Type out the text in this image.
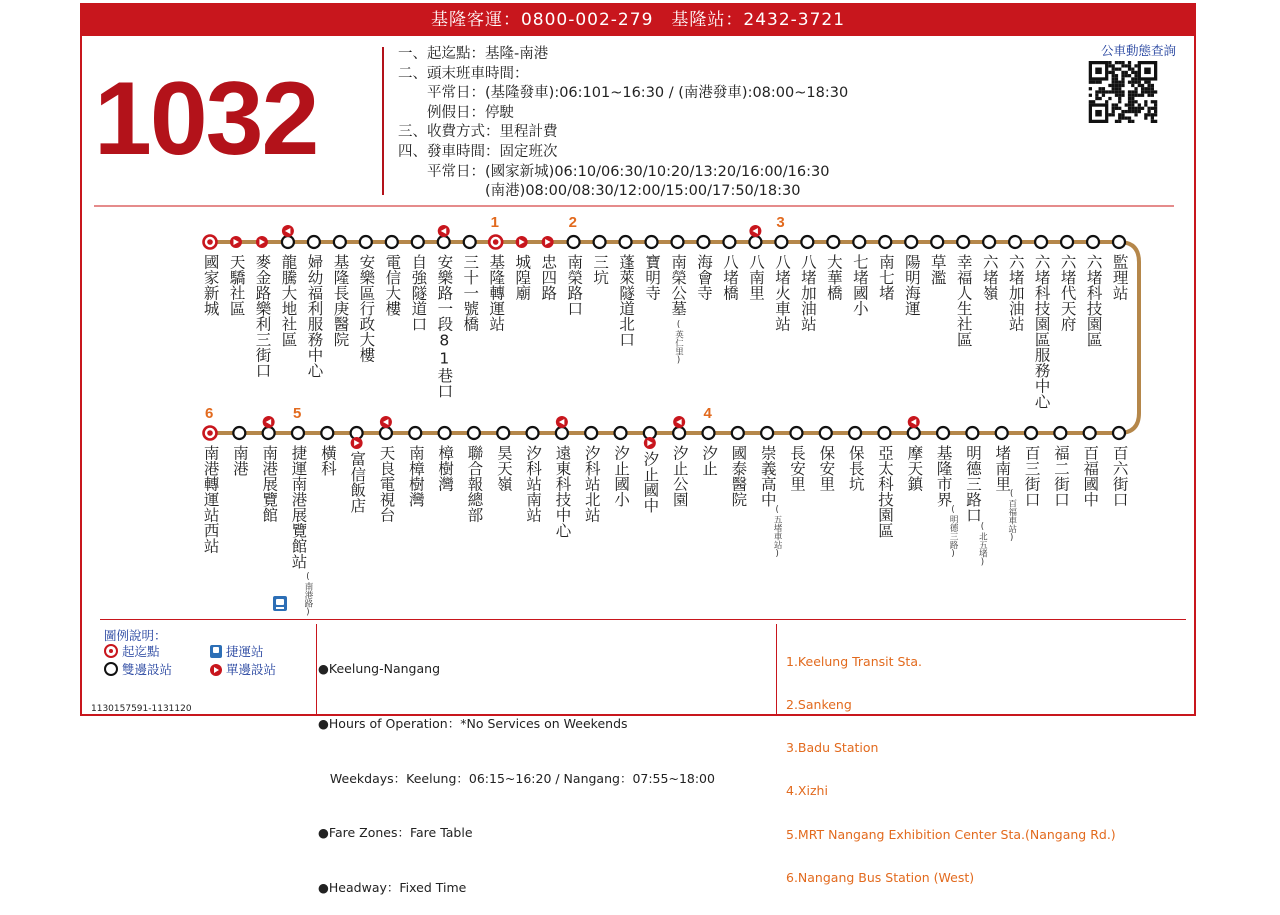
基隆客運：0800-002-279　基隆站：2432-3721
1032
一、起迄點：基隆-南港
二、頭末班車時間：
　　平常日：(基隆發車):06:101~16:30 / (南港發車):08:00~18:30
　　例假日：停駛
三、收費方式：里程計費
四、發車時間：固定班次
　　平常日：(國家新城)06:10/06:30/10:20/13:20/16:00/16:30
　　　　　　(南港)08:00/08:30/12:00/15:00/17:50/18:30
公車動態查詢
國家新城 天驕社區 麥金路樂利三街口 龍騰大地社區 婦幼福利服務中心 基隆長庚醫院 安樂區行政大樓 電信大樓 自強隧道口 安樂路一段81巷口 三十一號橋
1
基隆轉運站 城隍廟 忠四路
2
南榮路口 三坑 蓬萊隧道北口 寶明寺 南榮公墓
(英仁里)
海會寺 八堵橋 八南里
3
八堵火車站 八堵加油站 大華橋 七堵國小 南七堵 陽明海運 草濫 幸福人生社區 六堵嶺 六堵加油站 六堵科技園區服務中心 六堵代天府 六堵科技園區 監理站
6
南港轉運站西站 南港 南港展覽館
5
捷運南港展覽館站
(南港路)
橫科 富信飯店 天良電視台 南樟樹灣 樟樹灣 聯合報總部 昊天嶺 汐科站南站 遠東科技中心 汐科站北站 汐止國小 汐止國中 汐止公園
4
汐止 國泰醫院 崇義高中
(五堵車站)
長安里 保安里 保長坑 亞太科技園區 摩天鎮 基隆市界
(明德三路)
明德三路口
(北五堵)
堵南里
(百福車站)
百三街口 福二街口 百福國中 百六街口
圖例說明：
起迄點
雙邊設站
捷運站
單邊設站
1130157591-1131120

●Keelung-Nangang

●Hours of Operation：*No Services on Weekends

Weekdays：Keelung：06:15~16:20 / Nangang：07:55~18:00

●Fare Zones：Fare Table

●Headway：Fixed Time

1.Keelung Transit Sta.

2.Sankeng

3.Badu Station

4.Xizhi

5.MRT Nangang Exhibition Center Sta.(Nangang Rd.)

6.Nangang Bus Station (West)
